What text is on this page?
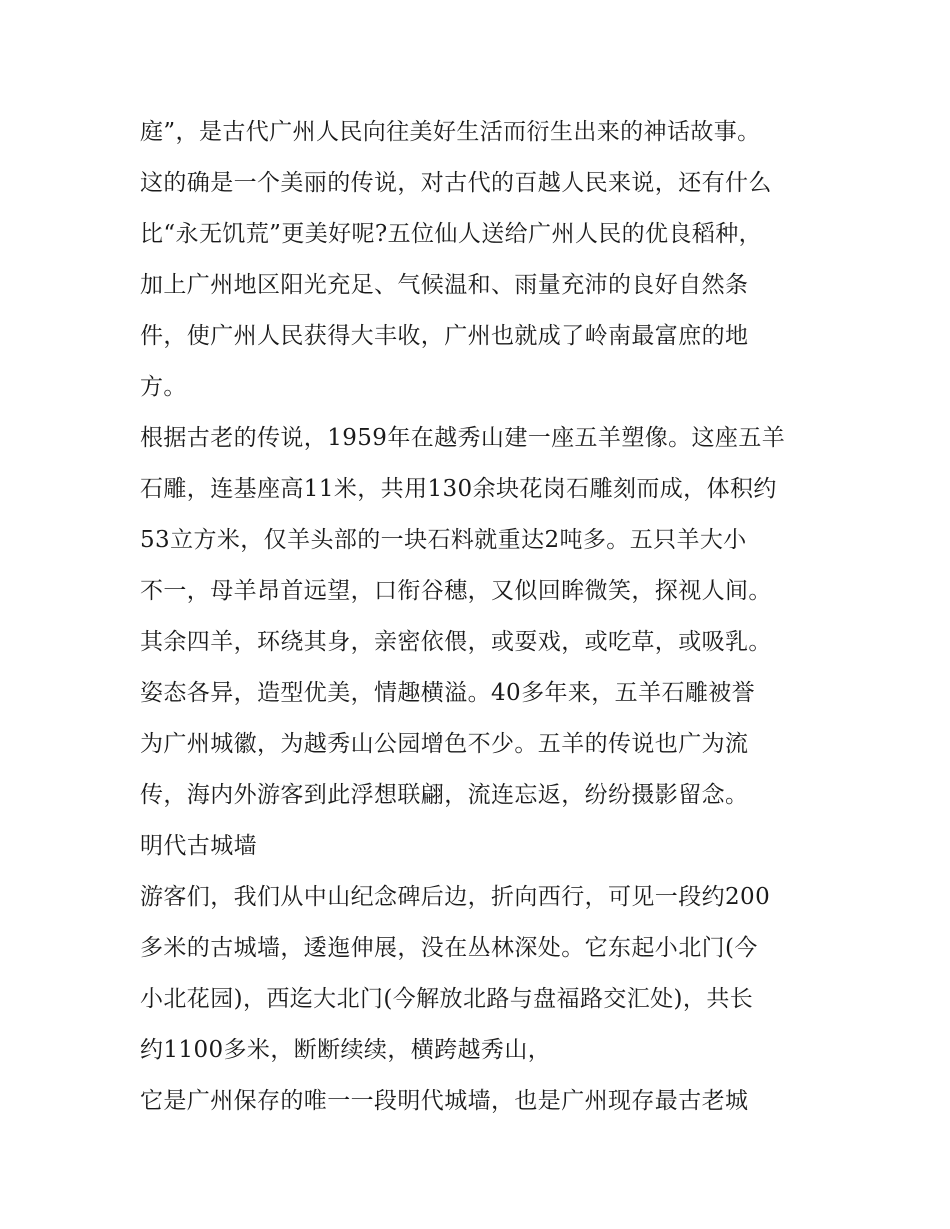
庭”，是古代广州人民向往美好生活而衍生出来的神话故事。
这的确是一个美丽的传说，对古代的百越人民来说，还有什么
比“永无饥荒”更美好呢?五位仙人送给广州人民的优良稻种，
加上广州地区阳光充足、气候温和、雨量充沛的良好自然条
件，使广州人民获得大丰收，广州也就成了岭南最富庶的地
方。
根据古老的传说，1959年在越秀山建一座五羊塑像。这座五羊
石雕，连基座高11米，共用130余块花岗石雕刻而成，体积约
53立方米，仅羊头部的一块石料就重达2吨多。五只羊大小
不一，母羊昂首远望，口衔谷穗，又似回眸微笑，探视人间。
其余四羊，环绕其身，亲密依偎，或耍戏，或吃草，或吸乳。
姿态各异，造型优美，情趣横溢。40多年来，五羊石雕被誉
为广州城徽，为越秀山公园增色不少。五羊的传说也广为流
传，海内外游客到此浮想联翩，流连忘返，纷纷摄影留念。
明代古城墙
游客们，我们从中山纪念碑后边，折向西行，可见一段约200
多米的古城墙，逶迤伸展，没在丛林深处。它东起小北门(今
小北花园)，西迄大北门(今解放北路与盘福路交汇处)，共长
约1100多米，断断续续，横跨越秀山，
它是广州保存的唯一一段明代城墙，也是广州现存最古老城
